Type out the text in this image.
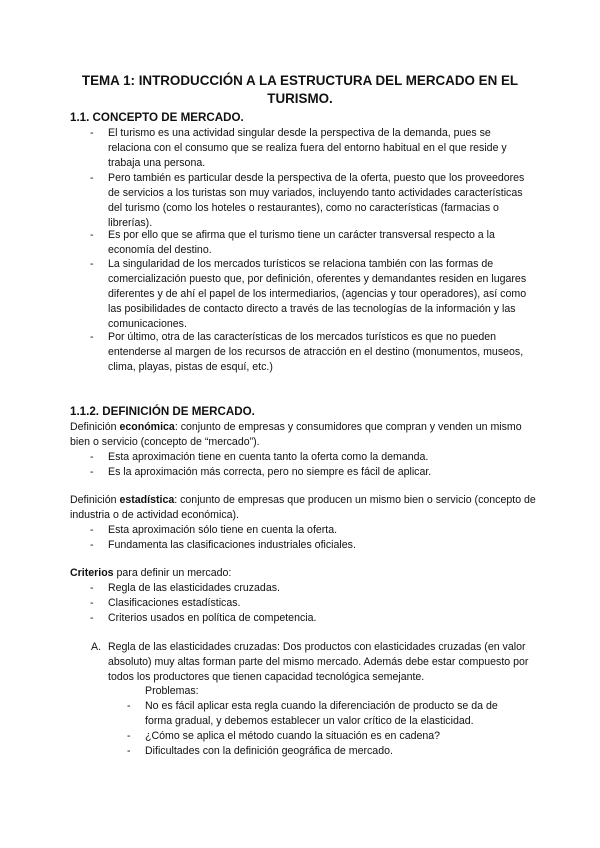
TEMA 1: INTRODUCCIÓN A LA ESTRUCTURA DEL MERCADO EN EL TURISMO.
1.1. CONCEPTO DE MERCADO.
-	El turismo es una actividad singular desde la perspectiva de la demanda, pues se relaciona con el consumo que se realiza fuera del entorno habitual en el que reside y trabaja una persona.
-	Pero también es particular desde la perspectiva de la oferta, puesto que los proveedores de servicios a los turistas son muy variados, incluyendo tanto actividades características del turismo (como los hoteles o restaurantes), como no características (farmacias o librerías).
-	Es por ello que se afirma que el turismo tiene un carácter transversal respecto a la economía del destino.
-	La singularidad de los mercados turísticos se relaciona también con las formas de comercialización puesto que, por definición, oferentes y demandantes residen en lugares diferentes y de ahí el papel de los intermediarios, (agencias y tour operadores), así como las posibilidades de contacto directo a través de las tecnologías de la información y las comunicaciones.
-	Por último, otra de las características de los mercados turísticos es que no pueden entenderse al margen de los recursos de atracción en el destino (monumentos, museos, clima, playas, pistas de esquí, etc.)
1.1.2. DEFINICIÓN DE MERCADO.
Definición económica: conjunto de empresas y consumidores que compran y venden un mismo bien o servicio (concepto de “mercado”).
-	Esta aproximación tiene en cuenta tanto la oferta como la demanda.
-	Es la aproximación más correcta, pero no siempre es fácil de aplicar.
Definición estadística: conjunto de empresas que producen un mismo bien o servicio (concepto de industria o de actividad económica).
-	Esta aproximación sólo tiene en cuenta la oferta.
-	Fundamenta las clasificaciones industriales oficiales.
Criterios para definir un mercado:
-	Regla de las elasticidades cruzadas.
-	Clasificaciones estadísticas.
-	Criterios usados en política de competencia.
A. Regla de las elasticidades cruzadas: Dos productos con elasticidades cruzadas (en valor absoluto) muy altas forman parte del mismo mercado. Además debe estar compuesto por todos los productores que tienen capacidad tecnológica semejante.
Problemas:
-	No es fácil aplicar esta regla cuando la diferenciación de producto se da de forma gradual, y debemos establecer un valor crítico de la elasticidad.
-	¿Cómo se aplica el método cuando la situación es en cadena?
-	Dificultades con la definición geográfica de mercado.
